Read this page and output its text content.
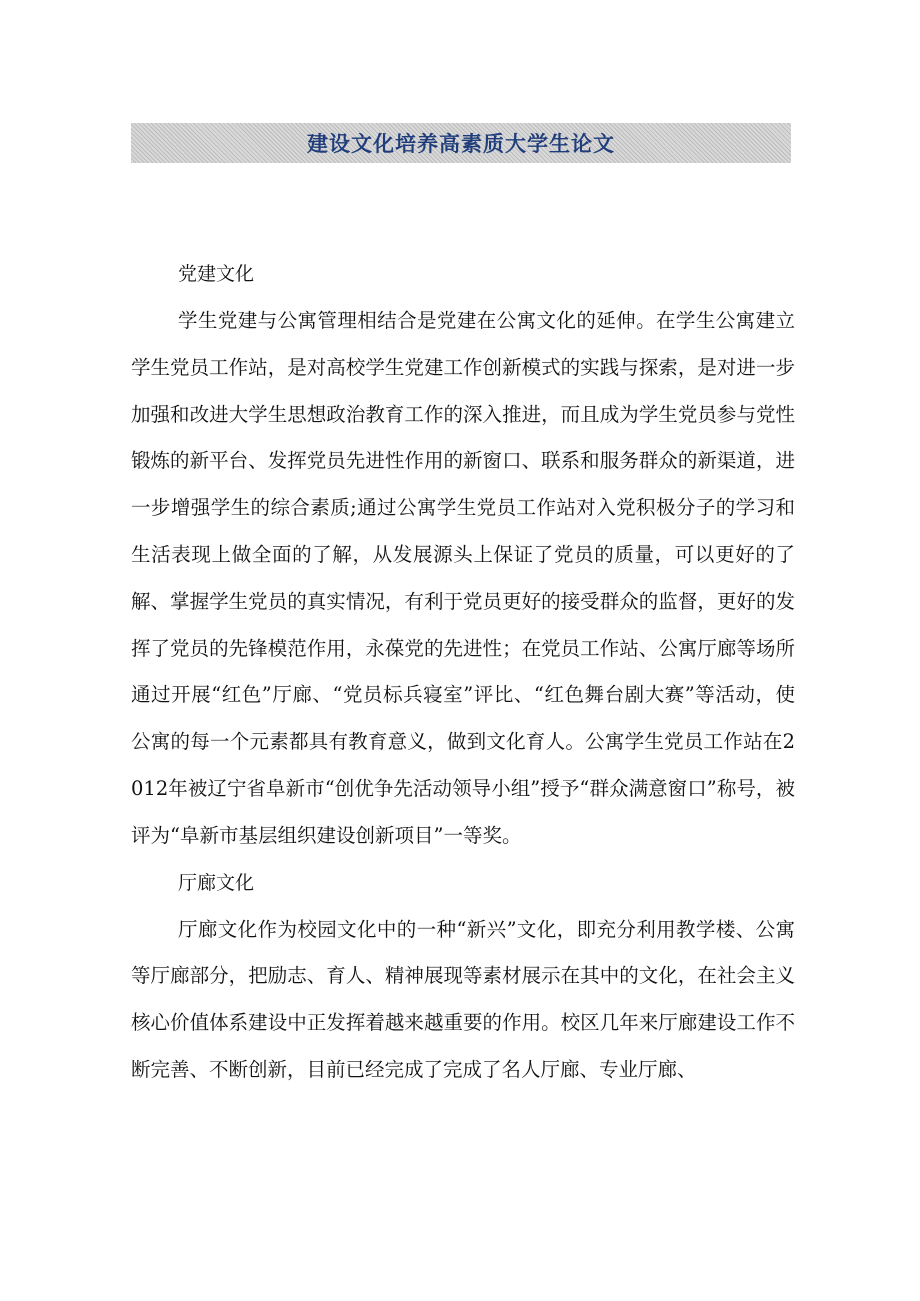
建设文化培养高素质大学生论文

党建文化

学生党建与公寓管理相结合是党建在公寓文化的延伸。在学生公寓建立学生党员工作站，是对高校学生党建工作创新模式的实践与探索，是对进一步加强和改进大学生思想政治教育工作的深入推进，而且成为学生党员参与党性锻炼的新平台、发挥党员先进性作用的新窗口、联系和服务群众的新渠道，进一步增强学生的综合素质;通过公寓学生党员工作站对入党积极分子的学习和生活表现上做全面的了解，从发展源头上保证了党员的质量，可以更好的了解、掌握学生党员的真实情况，有利于党员更好的接受群众的监督，更好的发挥了党员的先锋模范作用，永葆党的先进性；在党员工作站、公寓厅廊等场所通过开展“红色”厅廊、“党员标兵寝室”评比、“红色舞台剧大赛”等活动，使公寓的每一个元素都具有教育意义，做到文化育人。公寓学生党员工作站在2012年被辽宁省阜新市“创优争先活动领导小组”授予“群众满意窗口”称号，被评为“阜新市基层组织建设创新项目”一等奖。

厅廊文化

厅廊文化作为校园文化中的一种“新兴”文化，即充分利用教学楼、公寓等厅廊部分，把励志、育人、精神展现等素材展示在其中的文化，在社会主义核心价值体系建设中正发挥着越来越重要的作用。校区几年来厅廊建设工作不断完善、不断创新，目前已经完成了完成了名人厅廊、专业厅廊、
